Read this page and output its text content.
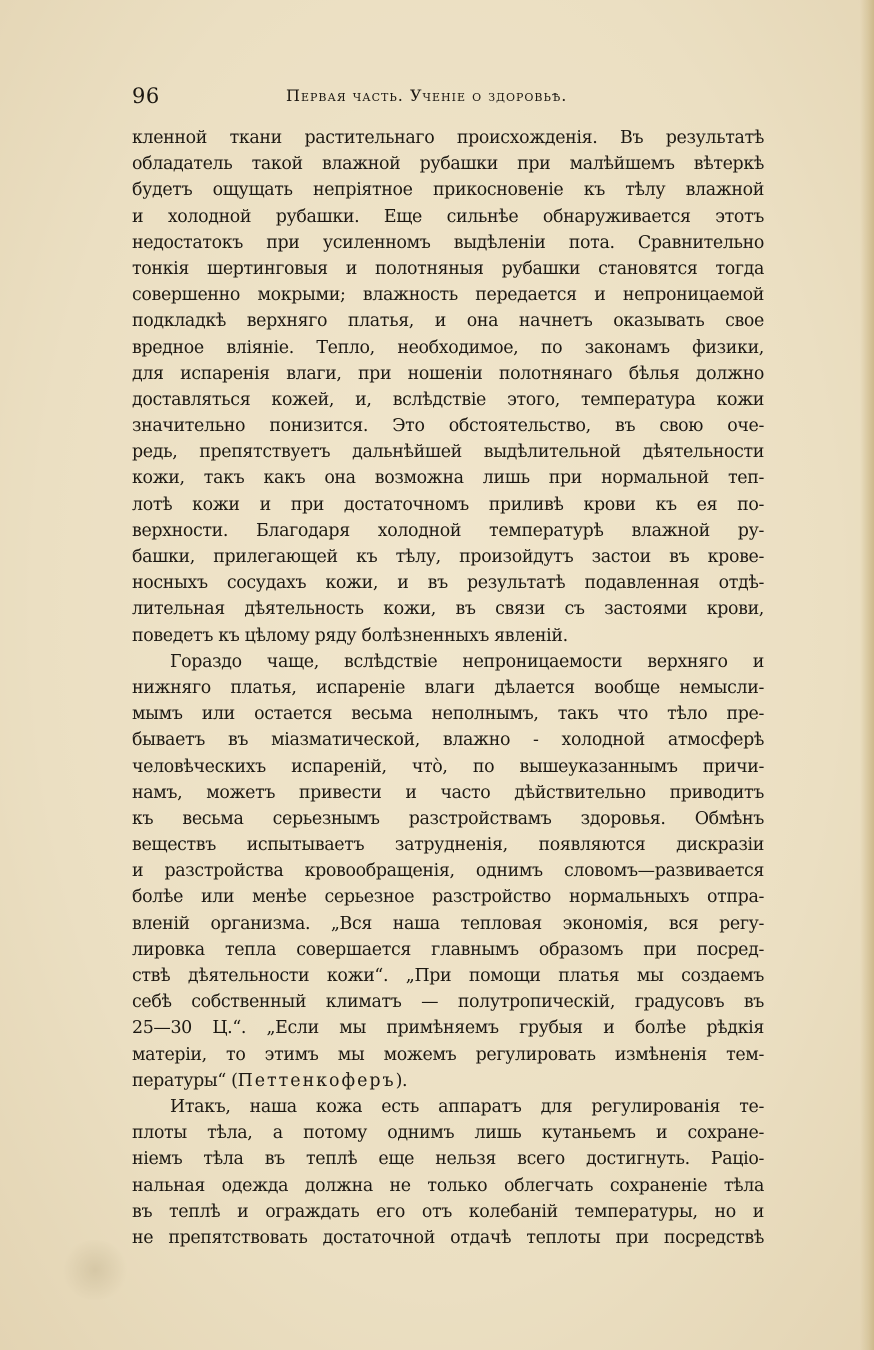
96	Первая часть. Ученіе о здоровьѣ.
кленной ткани растительнаго происхожденія. Въ результатѣ
обладатель такой влажной рубашки при малѣйшемъ вѣтеркѣ
будетъ ощущать непріятное прикосновеніе къ тѣлу влажной
и холодной рубашки. Еще сильнѣе обнаруживается этотъ
недостатокъ при усиленномъ выдѣленіи пота. Сравнительно
тонкія шертинговыя и полотняныя рубашки становятся тогда
совершенно мокрыми; влажность передается и непроницаемой
подкладкѣ верхняго платья, и она начнетъ оказывать свое
вредное вліяніе. Тепло, необходимое, по законамъ физики,
для испаренія влаги, при ношеніи полотнянаго бѣлья должно
доставляться кожей, и, вслѣдствіе этого, температура кожи
значительно понизится. Это обстоятельство, въ свою оче-
редь, препятствуетъ дальнѣйшей выдѣлительной дѣятельности
кожи, такъ какъ она возможна лишь при нормальной теп-
лотѣ кожи и при достаточномъ приливѣ крови къ ея по-
верхности. Благодаря холодной температурѣ влажной ру-
башки, прилегающей къ тѣлу, произойдутъ застои въ крове-
носныхъ сосудахъ кожи, и въ результатѣ подавленная отдѣ-
лительная дѣятельность кожи, въ связи съ застоями крови,
поведетъ къ цѣлому ряду болѣзненныхъ явленій.
Гораздо чаще, вслѣдствіе непроницаемости верхняго и
нижняго платья, испареніе влаги дѣлается вообще немысли-
мымъ или остается весьма неполнымъ, такъ что тѣло пре-
бываетъ въ міазматической, влажно - холодной атмосферѣ
человѣческихъ испареній, что̀, по вышеуказаннымъ причи-
намъ, можетъ привести и часто дѣйствительно приводитъ
къ весьма серьезнымъ разстройствамъ здоровья. Обмѣнъ
веществъ испытываетъ затрудненія, появляются дискразіи
и разстройства кровообращенія, однимъ словомъ—развивается
болѣе или менѣе серьезное разстройство нормальныхъ отпра-
вленій организма. „Вся наша тепловая экономія, вся регу-
лировка тепла совершается главнымъ образомъ при посред-
ствѣ дѣятельности кожи“. „При помощи платья мы создаемъ
себѣ собственный климатъ — полутропическій, градусовъ въ
25—30 Ц.“. „Если мы примѣняемъ грубыя и болѣе рѣдкія
матеріи, то этимъ мы можемъ регулировать измѣненія тем-
пературы“ (Петтенкоферъ).
Итакъ, наша кожа есть аппаратъ для регулированія те-
плоты тѣла, а потому однимъ лишь кутаньемъ и сохране-
ніемъ тѣла въ теплѣ еще нельзя всего достигнуть. Раціо-
нальная одежда должна не только облегчать сохраненіе тѣла
въ теплѣ и ограждать его отъ колебаній температуры, но и
не препятствовать достаточной отдачѣ теплоты при посредствѣ
